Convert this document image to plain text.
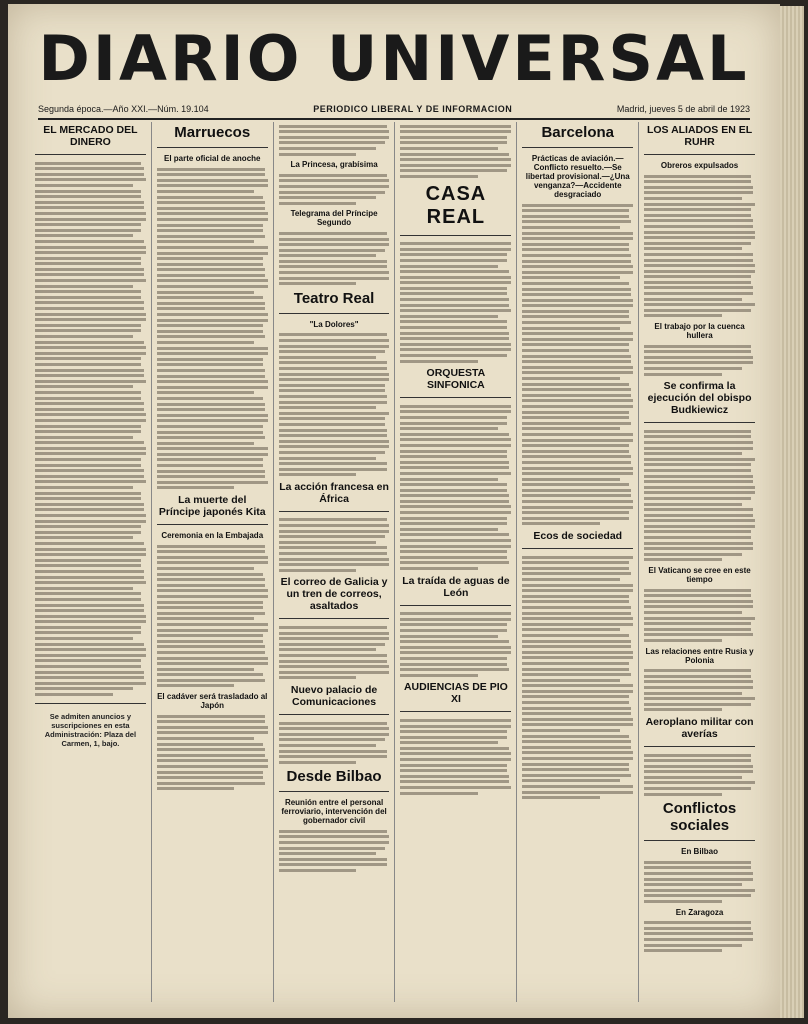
DIARIO UNIVERSAL
Segunda época.—Año XXI.—Núm. 19.104	PERIODICO LIBERAL Y DE INFORMACION	Madrid, jueves 5 de abril de 1923
EL MERCADO DEL DINERO
Se admiten anuncios y suscripciones en esta Administración: Plaza del Carmen, 1, bajo.
Marruecos
El parte oficial de anoche
La muerte del Príncipe japonés Kita
Ceremonia en la Embajada
El cadáver será trasladado al Japón
La Princesa, grabísima
Telegrama del Príncipe Segundo
Teatro Real
"La Dolores"
La acción francesa en África
El correo de Galicia y un tren de correos, asaltados
Nuevo palacio de Comunicaciones
Desde Bilbao
Reunión entre el personal ferroviario, intervención del gobernador civil
CASA REAL
ORQUESTA SINFONICA
La traída de aguas de León
AUDIENCIAS DE PIO XI
Barcelona
Prácticas de aviación.—Conflicto resuelto.—Se libertad provisional.—¿Una venganza?—Accidente desgraciado
Ecos de sociedad
LOS ALIADOS EN EL RUHR
Obreros expulsados
El trabajo por la cuenca hullera
Se confirma la ejecución del obispo Budkiewicz
El Vaticano se cree en este tiempo
Las relaciones entre Rusia y Polonia
Aeroplano militar con averías
Conflictos sociales
En Bilbao
En Zaragoza
